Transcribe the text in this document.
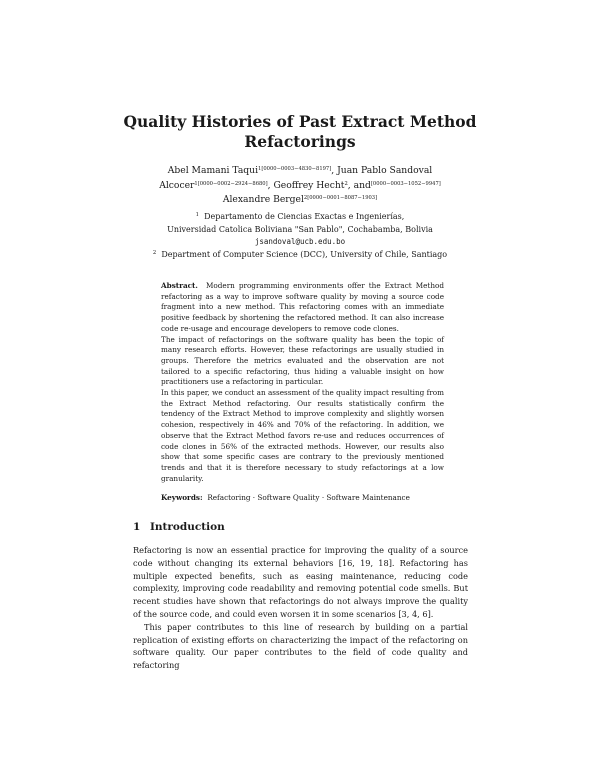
Quality Histories of Past Extract Method
Refactorings
Abel Mamani Taqui$^{1[0000-0003-4830-8197]}$, Juan Pablo Sandoval
Alcocer$^{1[0000-0002-2924-8680]}$, Geoffrey Hecht$^2$, and[0000−0003−1052−9947]
Alexandre Bergel$^{2[0000-0001-8087-1903]}$
$^1$ Departamento de Ciencias Exactas e Ingenierías,
Universidad Catolica Boliviana "San Pablo", Cochabamba, Bolivia
jsandoval@ucb.edu.bo
$^2$ Department of Computer Science (DCC), University of Chile, Santiago

Abstract. Modern programming environments offer the Extract Method refactoring as a way to improve software quality by moving a source code fragment into a new method. This refactoring comes with an immediate positive feedback by shortening the refactored method. It can also increase code re-usage and encourage developers to remove code clones.

The impact of refactorings on the software quality has been the topic of many research efforts. However, these refactorings are usually studied in groups. Therefore the metrics evaluated and the observation are not tailored to a specific refactoring, thus hiding a valuable insight on how practitioners use a refactoring in particular.

In this paper, we conduct an assessment of the quality impact resulting from the Extract Method refactoring. Our results statistically confirm the tendency of the Extract Method to improve complexity and slightly worsen cohesion, respectively in 46% and 70% of the refactoring. In addition, we observe that the Extract Method favors re-use and reduces occurrences of code clones in 56% of the extracted methods. However, our results also show that some specific cases are contrary to the previously mentioned trends and that it is therefore necessary to study refactorings at a low granularity.

Keywords: Refactoring · Software Quality · Software Maintenance
1 Introduction

Refactoring is now an essential practice for improving the quality of a source code without changing its external behaviors [16, 19, 18]. Refactoring has multiple expected benefits, such as easing maintenance, reducing code complexity, improving code readability and removing potential code smells. But recent studies have shown that refactorings do not always improve the quality of the source code, and could even worsen it in some scenarios [3, 4, 6].

This paper contributes to this line of research by building on a partial replication of existing efforts on characterizing the impact of the refactoring on software quality. Our paper contributes to the field of code quality and refactoring
